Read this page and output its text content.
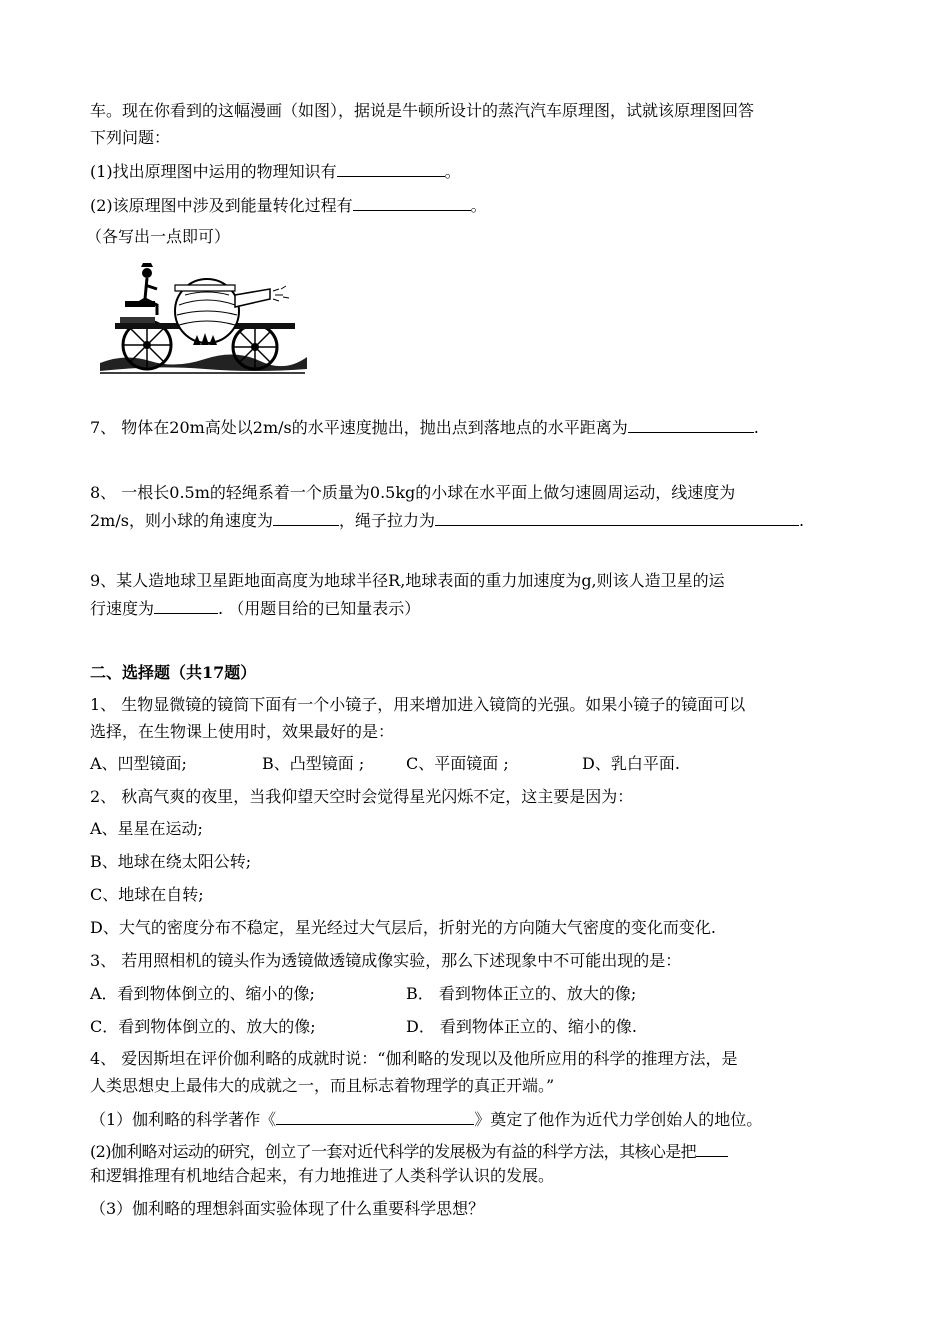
车。现在你看到的这幅漫画（如图），据说是牛顿所设计的蒸汽汽车原理图，试就该原理图回答
下列问题：
(1)找出原理图中运用的物理知识有	。
(2)该原理图中涉及到能量转化过程有	。
（各写出一点即可）
7、 物体在20m高处以2m/s的水平速度抛出，抛出点到落地点的水平距离为	.
8、 一根长0.5m的轻绳系着一个质量为0.5kg的小球在水平面上做匀速圆周运动，线速度为
2m/s，则小球的角速度为	，绳子拉力为	.
9、某人造地球卫星距地面高度为地球半径R,地球表面的重力加速度为g,则该人造卫星的运
行速度为	. （用题目给的已知量表示）
二、选择题（共17题）
1、 生物显微镜的镜筒下面有一个小镜子，用来增加进入镜筒的光强。如果小镜子的镜面可以
选择，在生物课上使用时，效果最好的是：
A、凹型镜面;	B、凸型镜面 ;	C、平面镜面 ;	D、乳白平面.
2、 秋高气爽的夜里，当我仰望天空时会觉得星光闪烁不定，这主要是因为：
A、星星在运动;
B、地球在绕太阳公转;
C、地球在自转;
D、大气的密度分布不稳定，星光经过大气层后，折射光的方向随大气密度的变化而变化.
3、 若用照相机的镜头作为透镜做透镜成像实验，那么下述现象中不可能出现的是：
A．看到物体倒立的、缩小的像;	B． 看到物体正立的、放大的像;
C．看到物体倒立的、放大的像;	D． 看到物体正立的、缩小的像.
4、 爱因斯坦在评价伽利略的成就时说：“伽利略的发现以及他所应用的科学的推理方法，是
人类思想史上最伟大的成就之一，而且标志着物理学的真正开端。”
（1）伽利略的科学著作《	》奠定了他作为近代力学创始人的地位。
(2)伽利略对运动的研究，创立了一套对近代科学的发展极为有益的科学方法，其核心是把
和逻辑推理有机地结合起来，有力地推进了人类科学认识的发展。
（3）伽利略的理想斜面实验体现了什么重要科学思想？
